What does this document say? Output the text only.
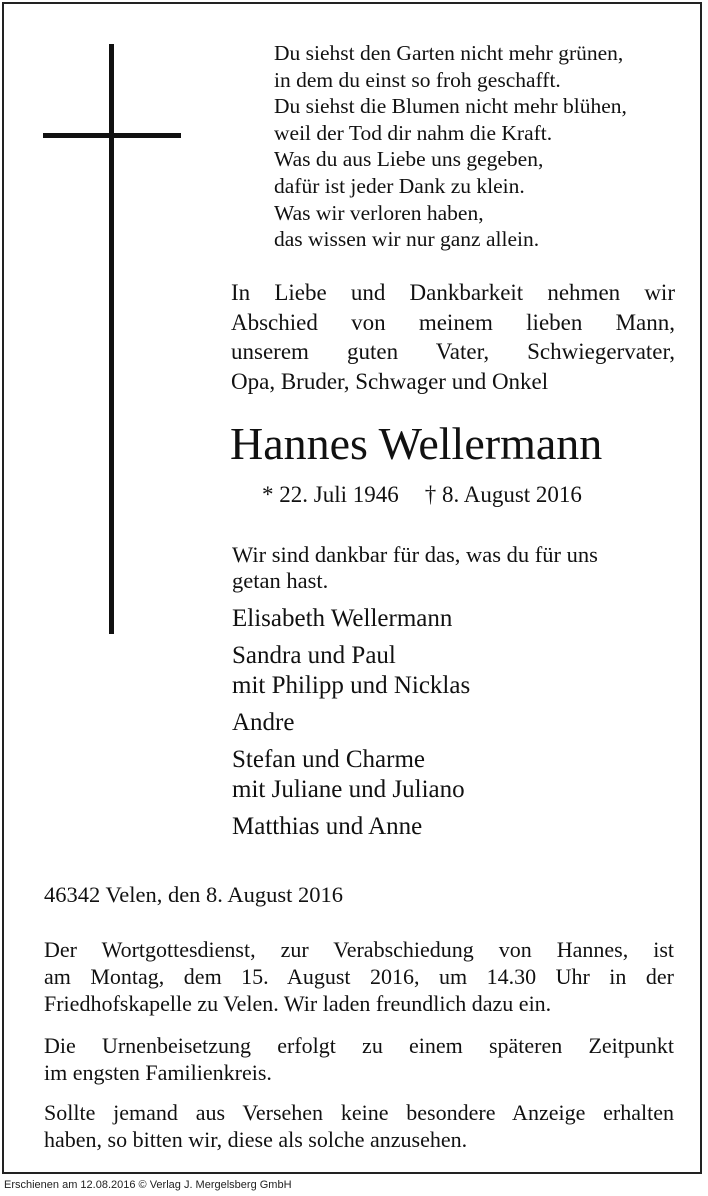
Du siehst den Garten nicht mehr grünen,
in dem du einst so froh geschafft.
Du siehst die Blumen nicht mehr blühen,
weil der Tod dir nahm die Kraft.
Was du aus Liebe uns gegeben,
dafür ist jeder Dank zu klein.
Was wir verloren haben,
das wissen wir nur ganz allein.
In Liebe und Dankbarkeit nehmen wir
Abschied von meinem lieben Mann,
unserem guten Vater, Schwiegervater,
Opa, Bruder, Schwager und Onkel
Hannes Wellermann
* 22. Juli 1946 † 8. August 2016
Wir sind dankbar für das, was du für uns
getan hast.
Elisabeth Wellermann
Sandra und Paul
mit Philipp und Nicklas
Andre
Stefan und Charme
mit Juliane und Juliano
Matthias und Anne
46342 Velen, den 8. August 2016
Der Wortgottesdienst, zur Verabschiedung von Hannes, ist
am Montag, dem 15. August 2016, um 14.30 Uhr in der
Friedhofskapelle zu Velen. Wir laden freundlich dazu ein.
Die Urnenbeisetzung erfolgt zu einem späteren Zeitpunkt
im engsten Familienkreis.
Sollte jemand aus Versehen keine besondere Anzeige erhalten
haben, so bitten wir, diese als solche anzusehen.
Erschienen am 12.08.2016 © Verlag J. Mergelsberg GmbH
